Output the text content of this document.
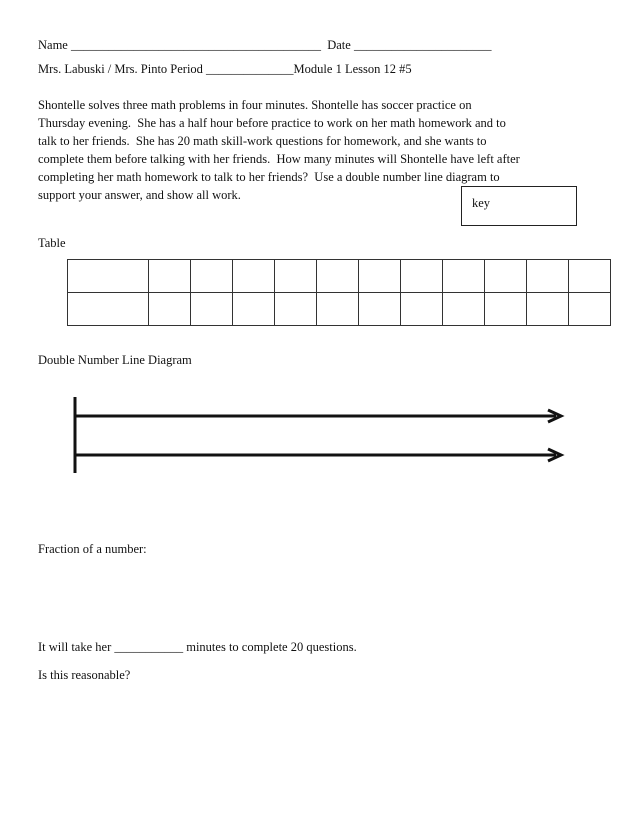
Name ________________________________________  Date ______________________
Mrs. Labuski / Mrs. Pinto Period ______________Module 1 Lesson 12 #5
Shontelle solves three math problems in four minutes. Shontelle has soccer practice on
Thursday evening.  She has a half hour before practice to work on her math homework and to
talk to her friends.  She has 20 math skill-work questions for homework, and she wants to
complete them before talking with her friends.  How many minutes will Shontelle have left after
completing her math homework to talk to her friends?  Use a double number line diagram to
support your answer, and show all work.
key
Table

Double Number Line Diagram
Fraction of a number:
It will take her ___________ minutes to complete 20 questions.
Is this reasonable?
